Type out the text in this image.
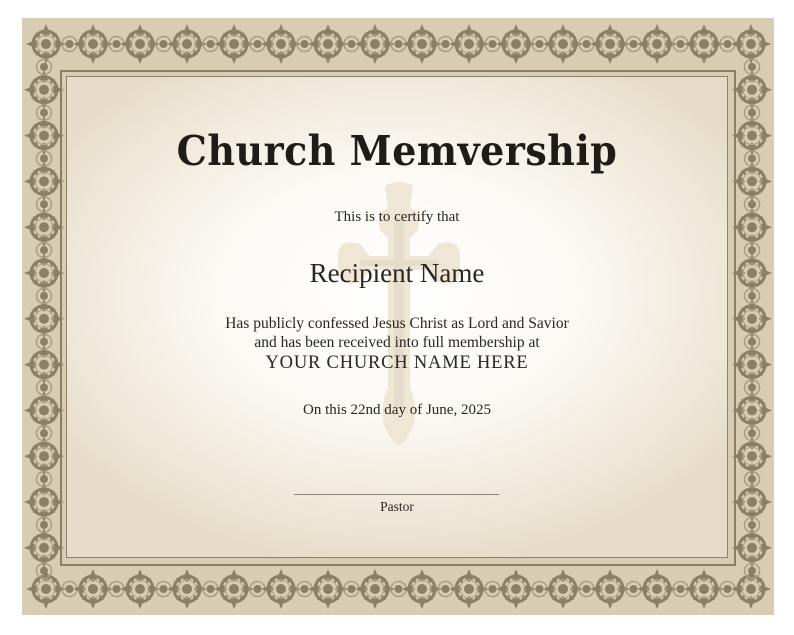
Church Memvership
This is to certify that
Recipient Name
Has publicly confessed Jesus Christ as Lord and Savior
and has been received into full membership at
YOUR CHURCH NAME HERE
On this 22nd day of June, 2025
Pastor
